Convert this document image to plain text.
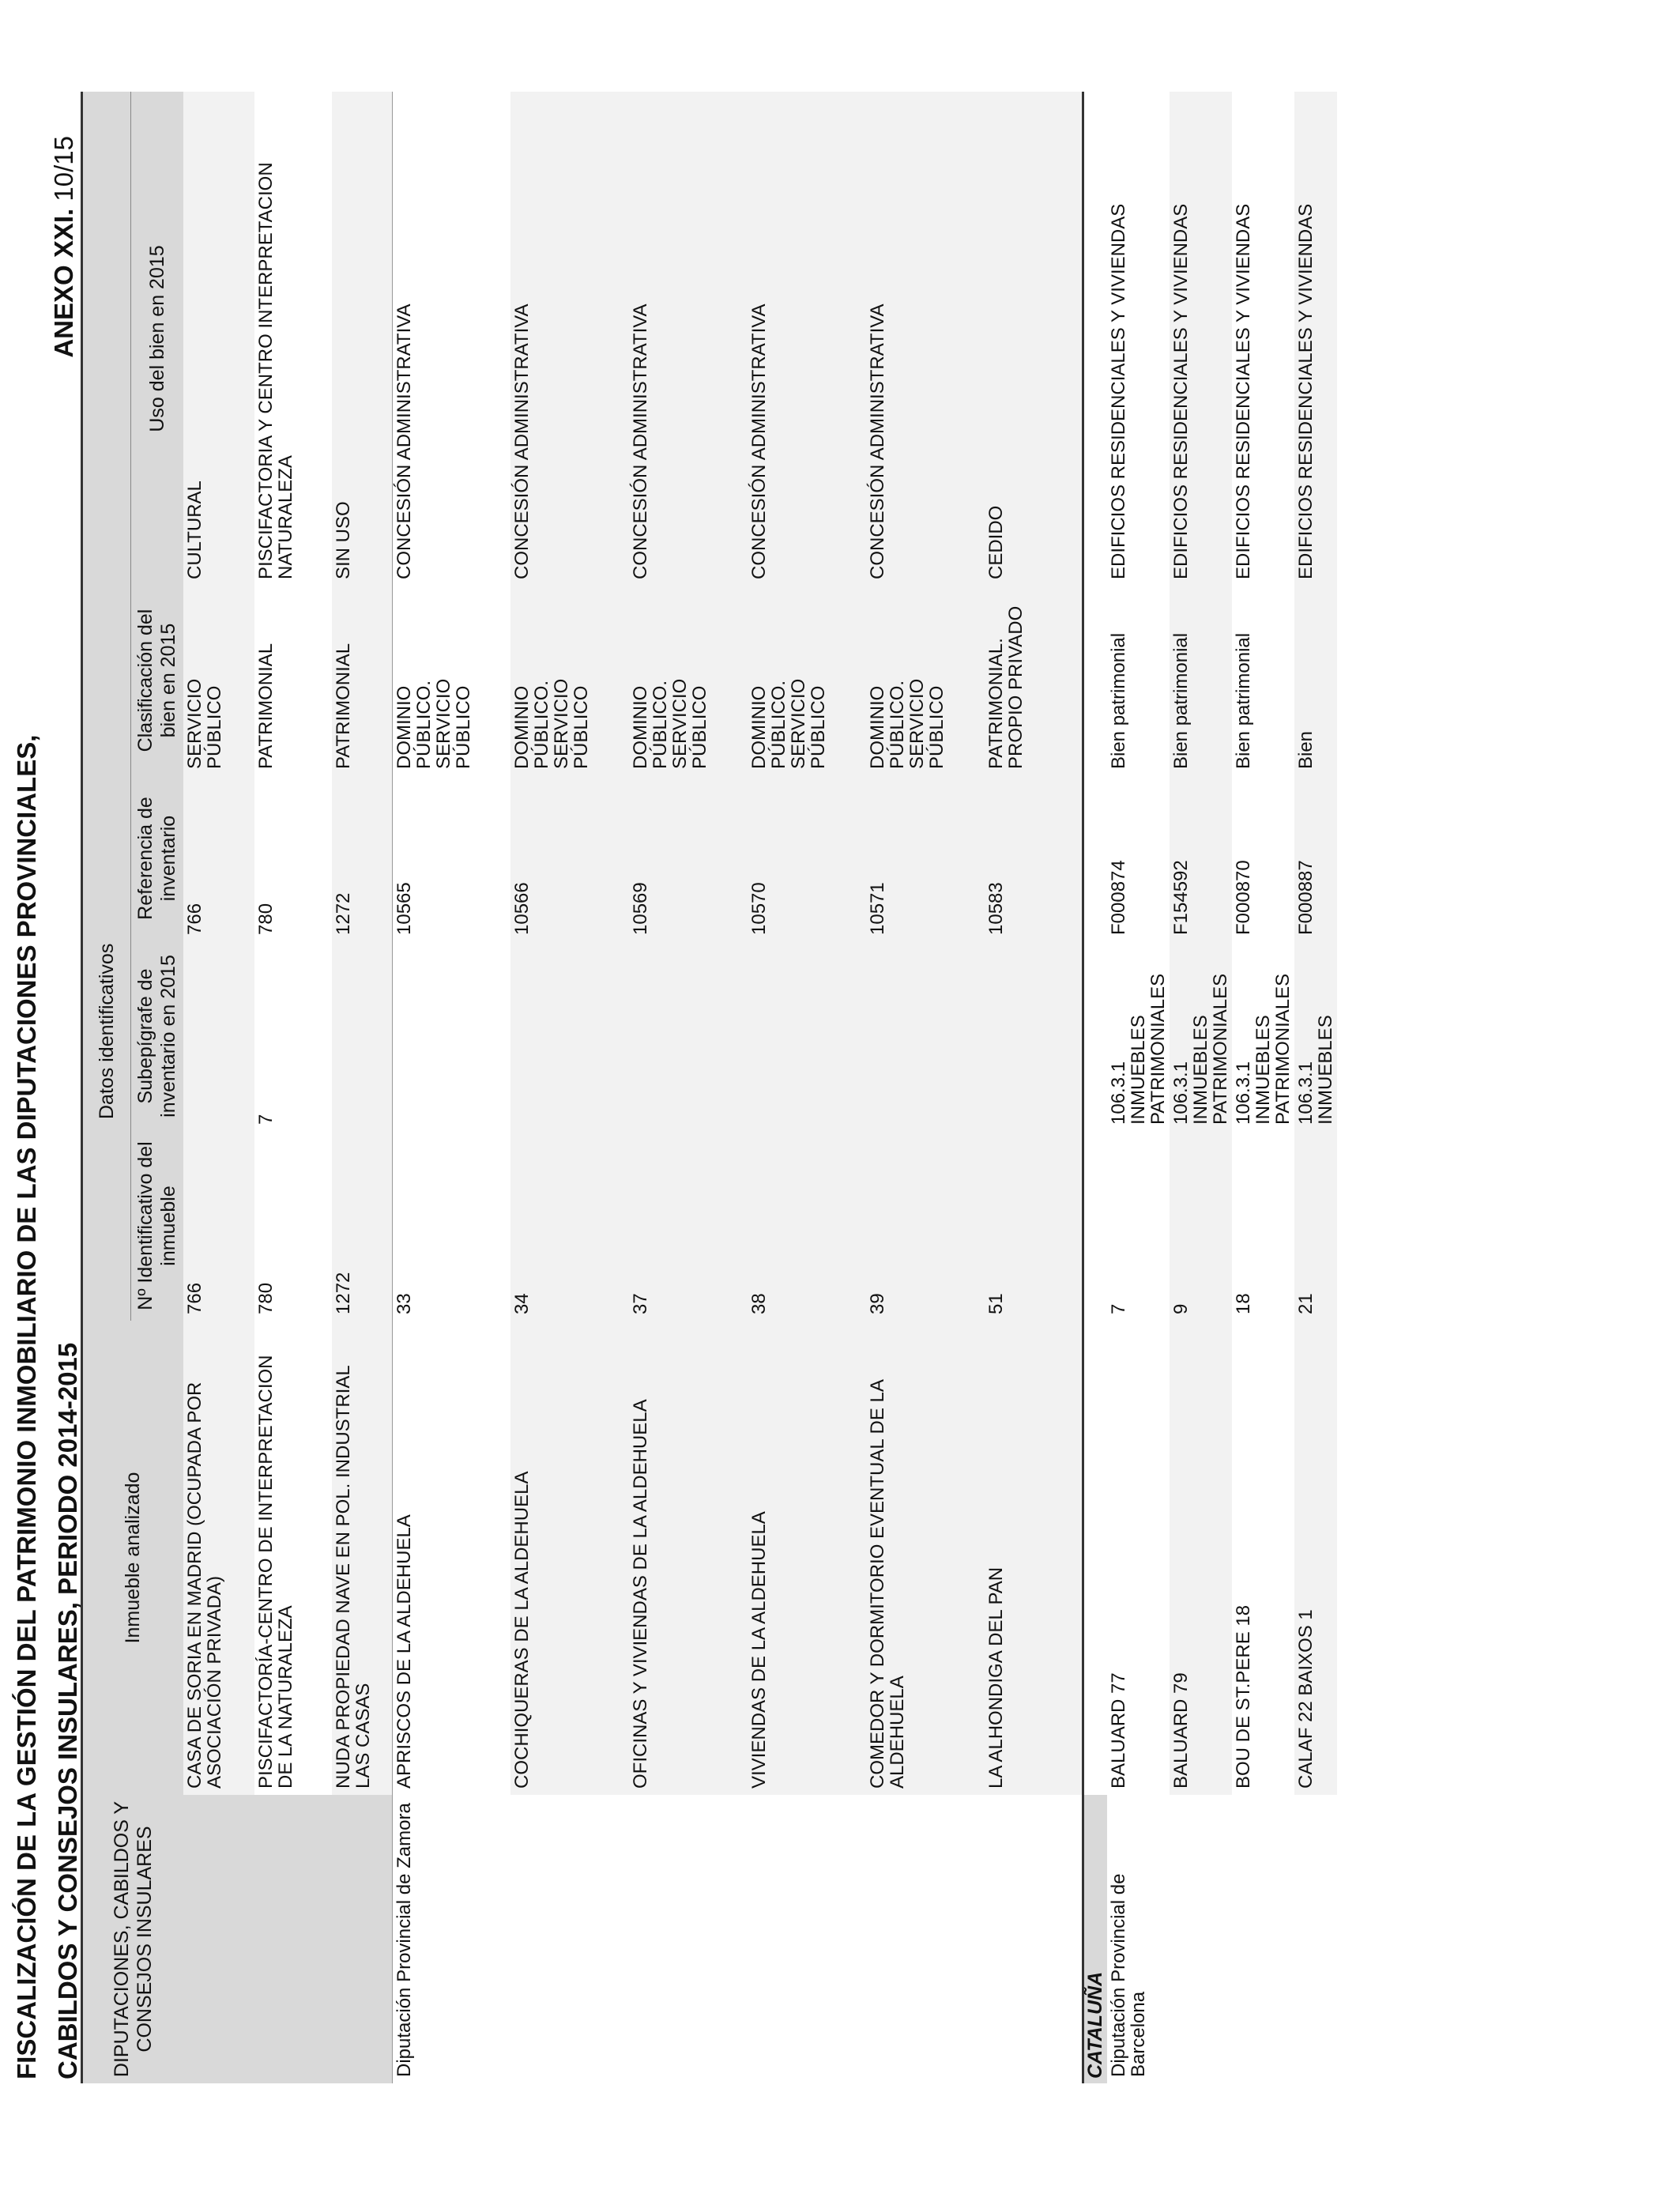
FISCALIZACIÓN DE LA GESTIÓN DEL PATRIMONIO INMOBILIARIO DE LAS DIPUTACIONES PROVINCIALES, CABILDOS Y CONSEJOS INSULARES, PERIODO 2014-2015
ANEXO XXI. 10/15
DIPUTACIONES, CABILDOS Y CONSEJOS INSULARES	Inmueble analizado	Datos identificativos				
		Nº Identificativo del inmueble	Subepígrafe de inventario en 2015	Referencia de inventario	Clasificación del bien en 2015	Uso del bien en 2015
	CASA DE SORIA EN MADRID (OCUPADA POR ASOCIACIÓN PRIVADA)	766		766	SERVICIO PÚBLICO	CULTURAL
	PISCIFACTORÍA-CENTRO DE INTERPRETACION DE LA NATURALEZA	780	7	780	PATRIMONIAL	PISCIFACTORIA Y CENTRO INTERPRETACION NATURALEZA
	NUDA PROPIEDAD NAVE EN POL. INDUSTRIAL LAS CASAS	1272		1272	PATRIMONIAL	SIN USO
Diputación Provincial de Zamora	APRISCOS DE LA ALDEHUELA	33		10565	DOMINIO PÚBLICO. SERVICIO PÚBLICO	CONCESIÓN ADMINISTRATIVA
	COCHIQUERAS DE LA ALDEHUELA	34		10566	DOMINIO PÚBLICO. SERVICIO PÚBLICO	CONCESIÓN ADMINISTRATIVA
	OFICINAS Y VIVIENDAS DE LA ALDEHUELA	37		10569	DOMINIO PÚBLICO. SERVICIO PÚBLICO	CONCESIÓN ADMINISTRATIVA
	VIVIENDAS DE LA ALDEHUELA	38		10570	DOMINIO PÚBLICO. SERVICIO PÚBLICO	CONCESIÓN ADMINISTRATIVA
	COMEDOR Y DORMITORIO EVENTUAL DE LA ALDEHUELA	39		10571	DOMINIO PÚBLICO. SERVICIO PÚBLICO	CONCESIÓN ADMINISTRATIVA
	LA ALHONDIGA DEL PAN	51		10583	PATRIMONIAL. PROPIO PRIVADO	CEDIDO
CATALUÑA						
Diputación Provincial de Barcelona	BALUARD 77	7	106.3.1 INMUEBLES PATRIMONIALES	F000874	Bien patrimonial	EDIFICIOS RESIDENCIALES Y VIVIENDAS
	BALUARD 79	9	106.3.1 INMUEBLES PATRIMONIALES	F154592	Bien patrimonial	EDIFICIOS RESIDENCIALES Y VIVIENDAS
	BOU DE ST.PERE 18	18	106.3.1 INMUEBLES PATRIMONIALES	F000870	Bien patrimonial	EDIFICIOS RESIDENCIALES Y VIVIENDAS
	CALAF 22 BAIXOS 1	21	106.3.1 INMUEBLES	F000887	Bien	EDIFICIOS RESIDENCIALES Y VIVIENDAS
